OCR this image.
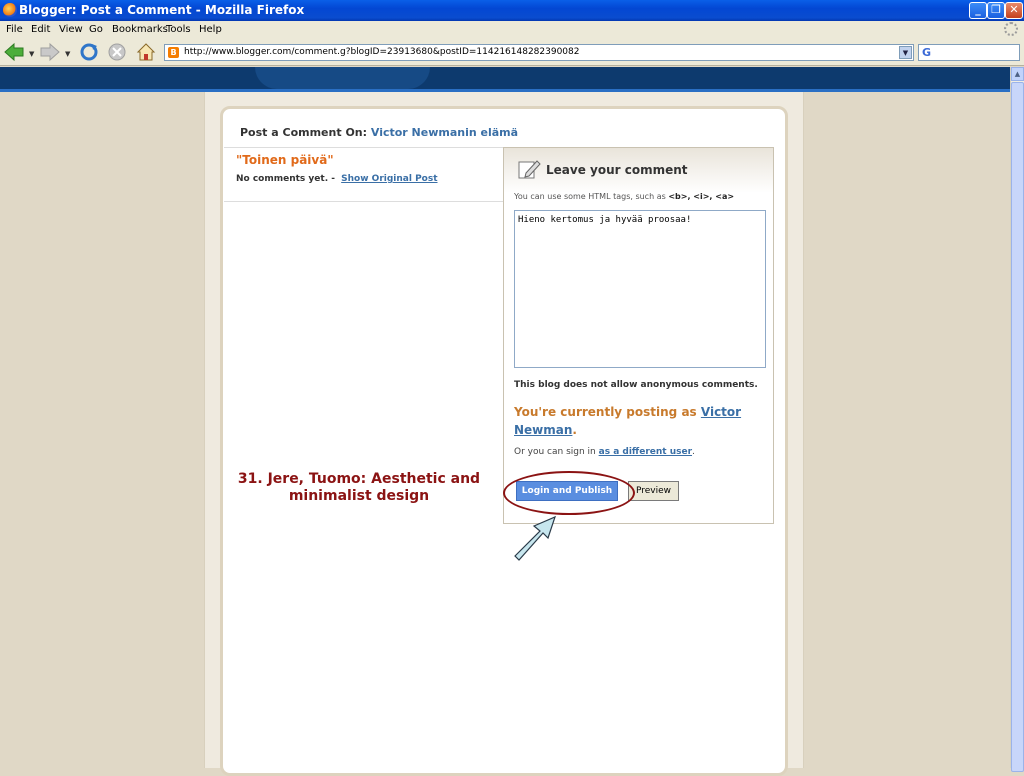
Blogger: Post a Comment - Mozilla Firefox	_ ❐ ✕
File Edit View Go Bookmarks
Tools Help
▼	▼	B http://www.blogger.com/comment.g?blogID=23913680&postID=114216148282390082	▼	G
▲
Post a Comment On: Victor Newmanin elämä
"Toinen päivä"
No comments yet. - Show Original Post
Leave your comment
You can use some HTML tags, such as <b>, <i>, <a>
Hieno kertomus ja hyvää proosaa!
This blog does not allow anonymous comments.
You're currently posting as Victor Newman.
Or you can sign in as a different user.
Login and Publish	Preview
31. Jere, Tuomo: Aesthetic and minimalist design
